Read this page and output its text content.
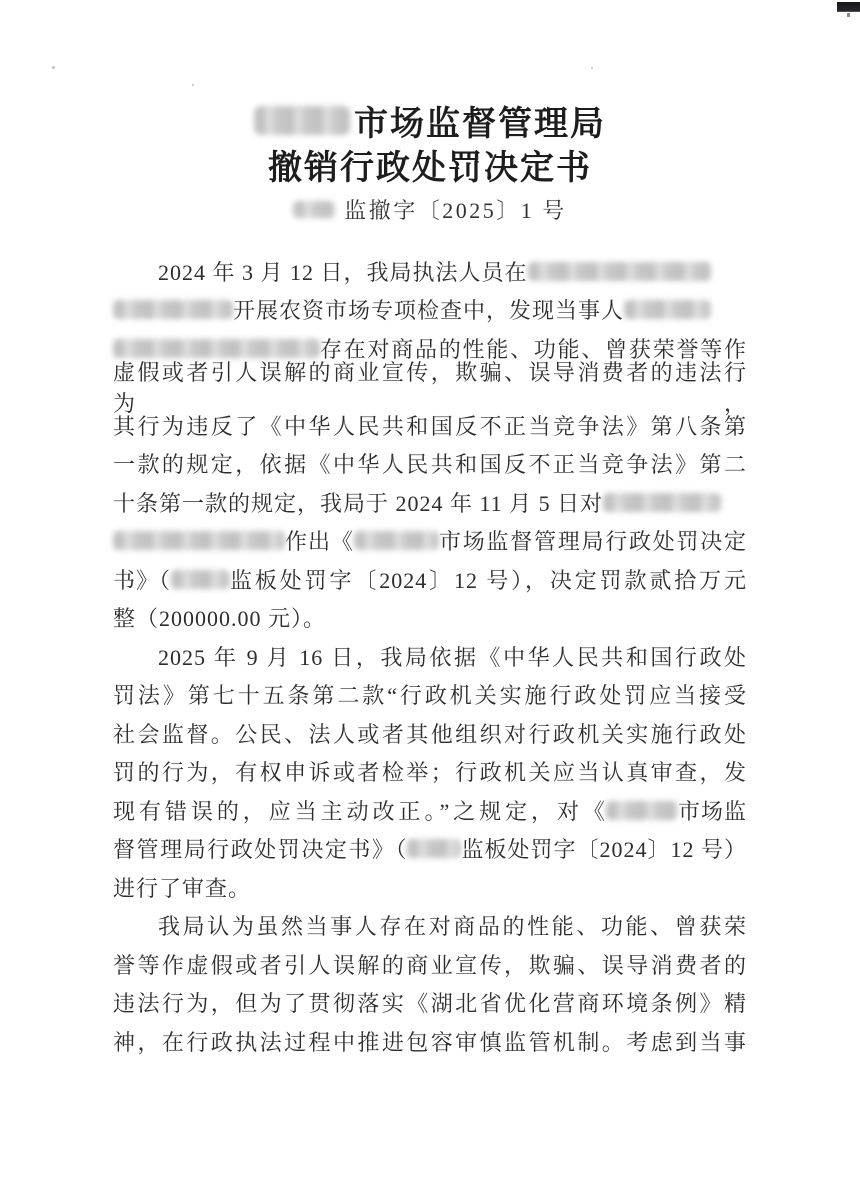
市场监督管理局
撤销行政处罚决定书
监撤字〔2025〕1 号
2024 年 3 月 12 日，我局执法人员在
开展农资市场专项检查中，发现当事人
存在对商品的性能、功能、曾获荣誉等作
虚假或者引人误解的商业宣传，欺骗、误导消费者的违法行为，
其行为违反了《中华人民共和国反不正当竞争法》第八条第
一款的规定，依据《中华人民共和国反不正当竞争法》第二
十条第一款的规定，我局于 2024 年 11 月 5 日对
作出《	市场监督管理局行政处罚决定
书》（	监板处罚字〔2024〕12 号），决定罚款贰拾万元
整（200000.00 元）。
2025 年 9 月 16 日，我局依据《中华人民共和国行政处
罚法》第七十五条第二款“行政机关实施行政处罚应当接受
社会监督。公民、法人或者其他组织对行政机关实施行政处
罚的行为，有权申诉或者检举；行政机关应当认真审查，发
现有错误的，应当主动改正。”之规定，对《	市场监
督管理局行政处罚决定书》（ 监板处罚字〔2024〕12 号）
进行了审查。
我局认为虽然当事人存在对商品的性能、功能、曾获荣
誉等作虚假或者引人误解的商业宣传，欺骗、误导消费者的
违法行为，但为了贯彻落实《湖北省优化营商环境条例》精
神，在行政执法过程中推进包容审慎监管机制。考虑到当事
